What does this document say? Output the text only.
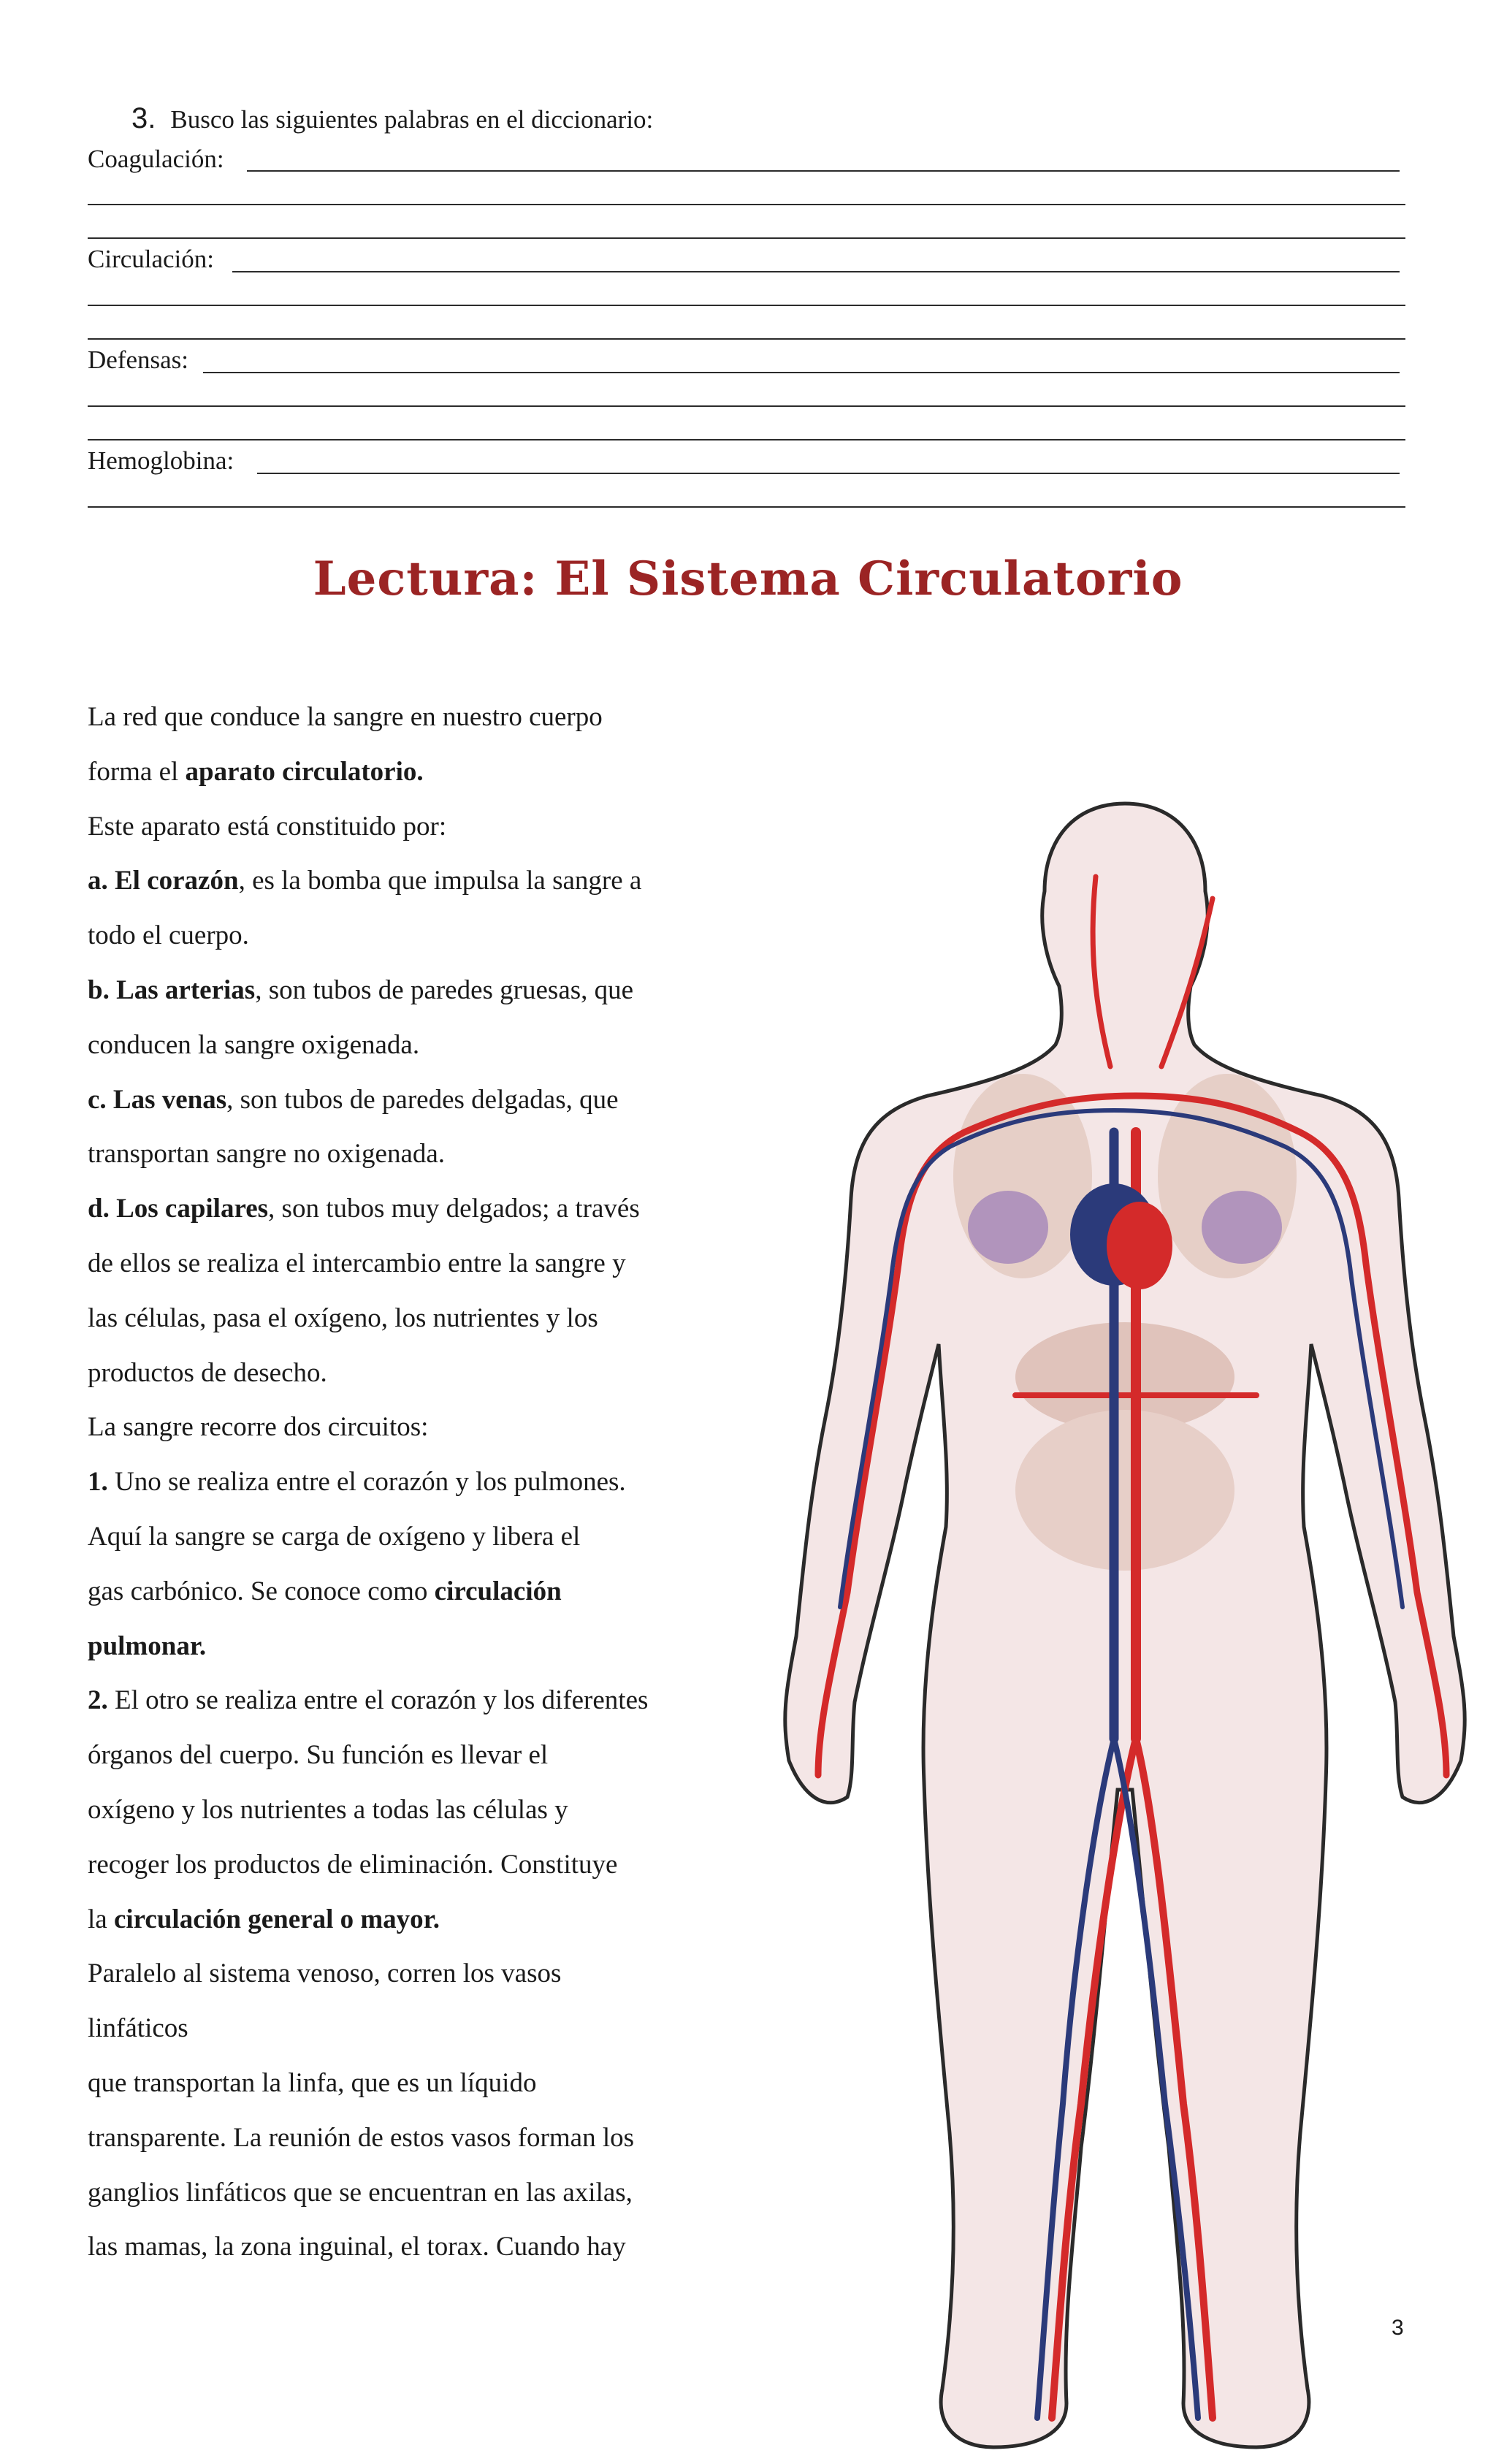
3. Busco las siguientes palabras en el diccionario:
Coagulación:
Circulación:
Defensas:
Hemoglobina:
Lectura: El Sistema Circulatorio

La red que conduce la sangre en nuestro cuerpo

forma el aparato circulatorio.

Este aparato está constituido por:

a. El corazón, es la bomba que impulsa la sangre a

todo el cuerpo.

b. Las arterias, son tubos de paredes gruesas, que

conducen la sangre oxigenada.

c. Las venas, son tubos de paredes delgadas, que

transportan sangre no oxigenada.

d. Los capilares, son tubos muy delgados; a través

de ellos se realiza el intercambio entre la sangre y

las células, pasa el oxígeno, los nutrientes y los

productos de desecho.

La sangre recorre dos circuitos:

1. Uno se realiza entre el corazón y los pulmones.

Aquí la sangre se carga de oxígeno y libera el

gas carbónico. Se conoce como circulación

pulmonar.

2. El otro se realiza entre el corazón y los diferentes

órganos del cuerpo. Su función es llevar el

oxígeno y los nutrientes a todas las células y

recoger los productos de eliminación. Constituye

la circulación general o mayor.

Paralelo al sistema venoso, corren los vasos

linfáticos

que transportan la linfa, que es un líquido

transparente. La reunión de estos vasos forman los

ganglios linfáticos que se encuentran en las axilas,

las mamas, la zona inguinal, el torax. Cuando hay

3
